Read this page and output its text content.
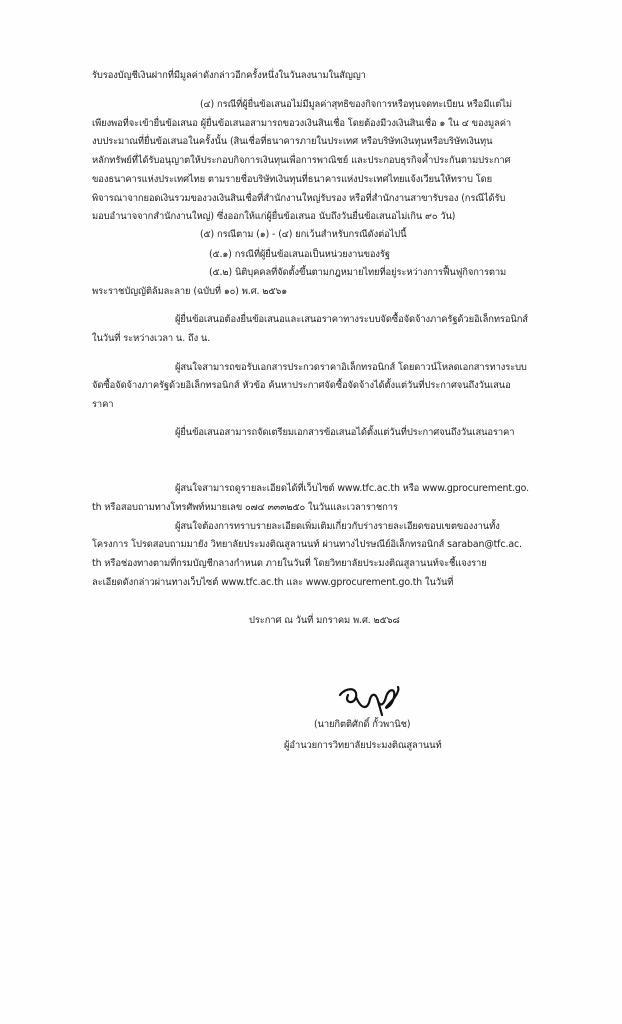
รับรองบัญชีเงินฝากที่มีมูลค่าดังกล่าวอีกครั้งหนึ่งในวันลงนามในสัญญา
(๔) กรณีที่ผู้ยื่นข้อเสนอไม่มีมูลค่าสุทธิของกิจการหรือทุนจดทะเบียน หรือมีแต่ไม่
เพียงพอที่จะเข้ายื่นข้อเสนอ ผู้ยื่นข้อเสนอสามารถขอวงเงินสินเชื่อ โดยต้องมีวงเงินสินเชื่อ ๑ ใน ๔ ของมูลค่า
งบประมาณที่ยื่นข้อเสนอในครั้งนั้น (สินเชื่อที่ธนาคารภายในประเทศ หรือบริษัทเงินทุนหรือบริษัทเงินทุน
หลักทรัพย์ที่ได้รับอนุญาตให้ประกอบกิจการเงินทุนเพื่อการพาณิชย์ และประกอบธุรกิจค้ำประกันตามประกาศ
ของธนาคารแห่งประเทศไทย ตามรายชื่อบริษัทเงินทุนที่ธนาคารแห่งประเทศไทยแจ้งเวียนให้ทราบ โดย
พิจารณาจากยอดเงินรวมของวงเงินสินเชื่อที่สำนักงานใหญ่รับรอง หรือที่สำนักงานสาขารับรอง (กรณีได้รับ
มอบอำนาจจากสำนักงานใหญ่) ซึ่งออกให้แก่ผู้ยื่นข้อเสนอ นับถึงวันยื่นข้อเสนอไม่เกิน ๙๐ วัน)
(๕) กรณีตาม (๑) - (๔) ยกเว้นสำหรับกรณีดังต่อไปนี้
(๕.๑) กรณีที่ผู้ยื่นข้อเสนอเป็นหน่วยงานของรัฐ
(๕.๒) นิติบุคคลที่จัดตั้งขึ้นตามกฎหมายไทยที่อยู่ระหว่างการฟื้นฟูกิจการตาม
พระราชบัญญัติล้มละลาย (ฉบับที่ ๑๐) พ.ศ. ๒๕๖๑
ผู้ยื่นข้อเสนอต้องยื่นข้อเสนอและเสนอราคาทางระบบจัดซื้อจัดจ้างภาครัฐด้วยอิเล็กทรอนิกส์
ในวันที่ ระหว่างเวลา น. ถึง น.
ผู้สนใจสามารถขอรับเอกสารประกวดราคาอิเล็กทรอนิกส์ โดยดาวน์โหลดเอกสารทางระบบ
จัดซื้อจัดจ้างภาครัฐด้วยอิเล็กทรอนิกส์ หัวข้อ ค้นหาประกาศจัดซื้อจัดจ้างได้ตั้งแต่วันที่ประกาศจนถึงวันเสนอ
ราคา
ผู้ยื่นข้อเสนอสามารถจัดเตรียมเอกสารข้อเสนอได้ตั้งแต่วันที่ประกาศจนถึงวันเสนอราคา
ผู้สนใจสามารถดูรายละเอียดได้ที่เว็บไซต์ www.tfc.ac.th หรือ www.gprocurement.go.
th หรือสอบถามทางโทรศัพท์หมายเลข ๐๗๔ ๓๓๓๒๕๐ ในวันและเวลาราชการ
ผู้สนใจต้องการทราบรายละเอียดเพิ่มเติมเกี่ยวกับร่างรายละเอียดขอบเขตของงานทั้ง
โครงการ โปรดสอบถามมายัง วิทยาลัยประมงติณสูลานนท์ ผ่านทางไปรษณีย์อิเล็กทรอนิกส์ saraban@tfc.ac.
th หรือช่องทางตามที่กรมบัญชีกลางกำหนด ภายในวันที่ โดยวิทยาลัยประมงติณสูลานนท์จะชี้แจงราย
ละเอียดดังกล่าวผ่านทางเว็บไซต์ www.tfc.ac.th และ www.gprocurement.go.th ในวันที่
ประกาศ ณ วันที่ มกราคม พ.ศ. ๒๕๖๘
(นายกิตติศักดิ์ กั้วพานิช)
ผู้อำนวยการวิทยาลัยประมงติณสูลานนท์
